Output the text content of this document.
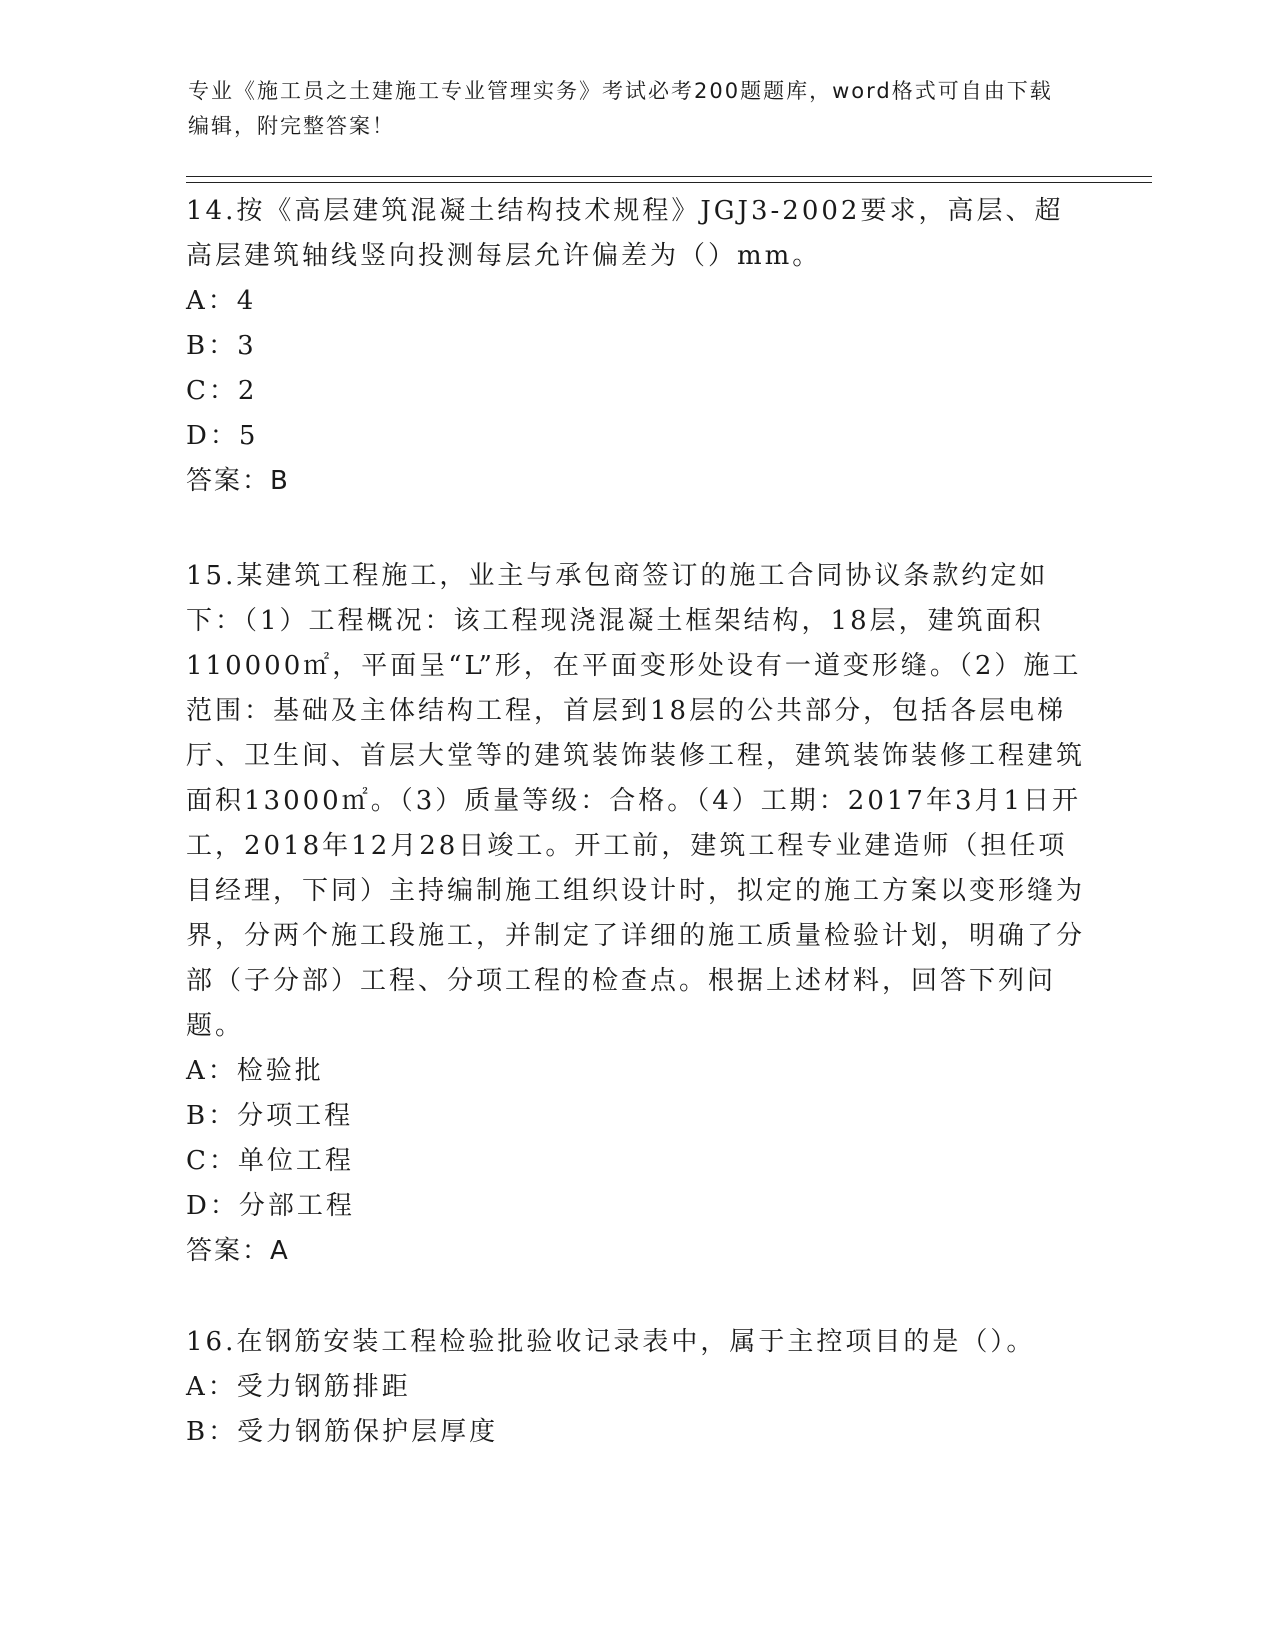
专业《施工员之土建施工专业管理实务》考试必考200题题库，word格式可自由下载编辑，附完整答案！

14.按《高层建筑混凝土结构技术规程》JGJ3-2002要求，高层、超高层建筑轴线竖向投测每层允许偏差为（）mm。

A：4

B：3

C：2

D：5

答案：B

15.某建筑工程施工，业主与承包商签订的施工合同协议条款约定如下：（1）工程概况：该工程现浇混凝土框架结构，18层，建筑面积110000㎡，平面呈“L”形，在平面变形处设有一道变形缝。（2）施工范围：基础及主体结构工程，首层到18层的公共部分，包括各层电梯厅、卫生间、首层大堂等的建筑装饰装修工程，建筑装饰装修工程建筑面积13000㎡。（3）质量等级：合格。（4）工期：2017年3月1日开工，2018年12月28日竣工。开工前，建筑工程专业建造师（担任项目经理，下同）主持编制施工组织设计时，拟定的施工方案以变形缝为界，分两个施工段施工，并制定了详细的施工质量检验计划，明确了分部（子分部）工程、分项工程的检查点。根据上述材料，回答下列问题。

A：检验批

B：分项工程

C：单位工程

D：分部工程

答案：A

16.在钢筋安装工程检验批验收记录表中，属于主控项目的是（）。

A：受力钢筋排距

B：受力钢筋保护层厚度
